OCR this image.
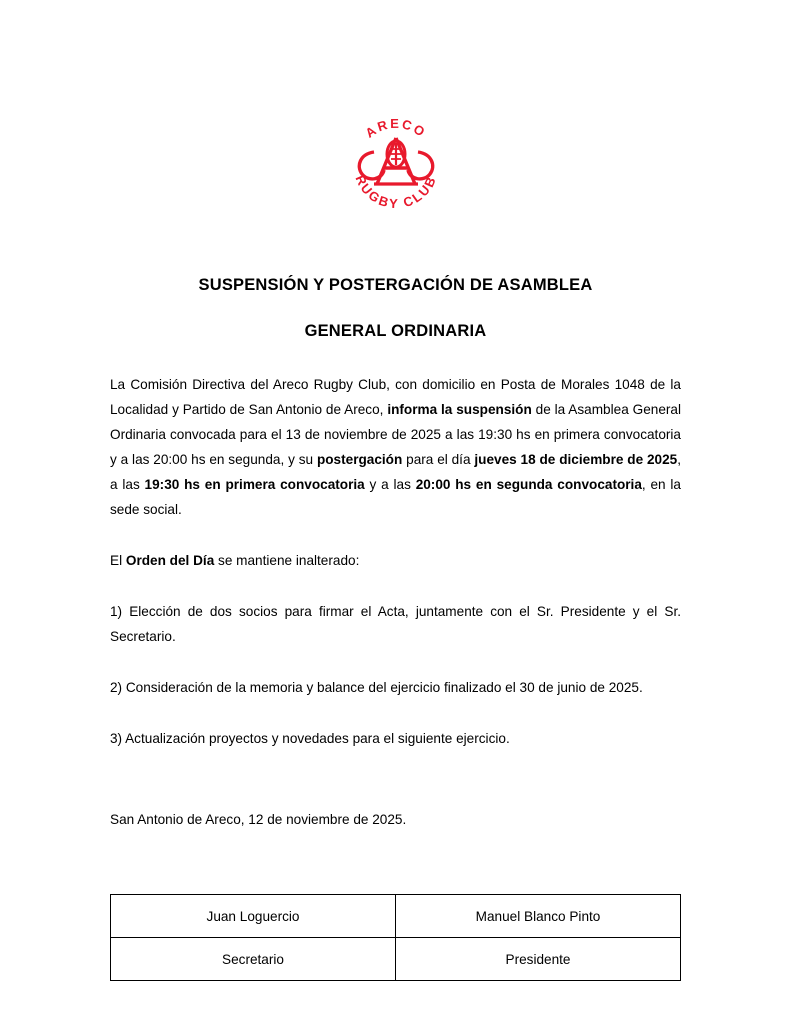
ARECO
RUGBY CLUB
SUSPENSIÓN Y POSTERGACIÓN DE ASAMBLEA
GENERAL ORDINARIA

La Comisión Directiva del Areco Rugby Club, con domicilio en Posta de Morales 1048 de la Localidad y Partido de San Antonio de Areco, informa la suspensión de la Asamblea General Ordinaria convocada para el 13 de noviembre de 2025 a las 19:30 hs en primera convocatoria y a las 20:00 hs en segunda, y su postergación para el día jueves 18 de diciembre de 2025, a las 19:30 hs en primera convocatoria y a las 20:00 hs en segunda convocatoria, en la sede social.

El Orden del Día se mantiene inalterado:

1) Elección de dos socios para firmar el Acta, juntamente con el Sr. Presidente y el Sr. Secretario.

2) Consideración de la memoria y balance del ejercicio finalizado el 30 de junio de 2025.

3) Actualización proyectos y novedades para el siguiente ejercicio.

San Antonio de Areco, 12 de noviembre de 2025.

Juan Loguercio	Manuel Blanco Pinto
Secretario	Presidente
